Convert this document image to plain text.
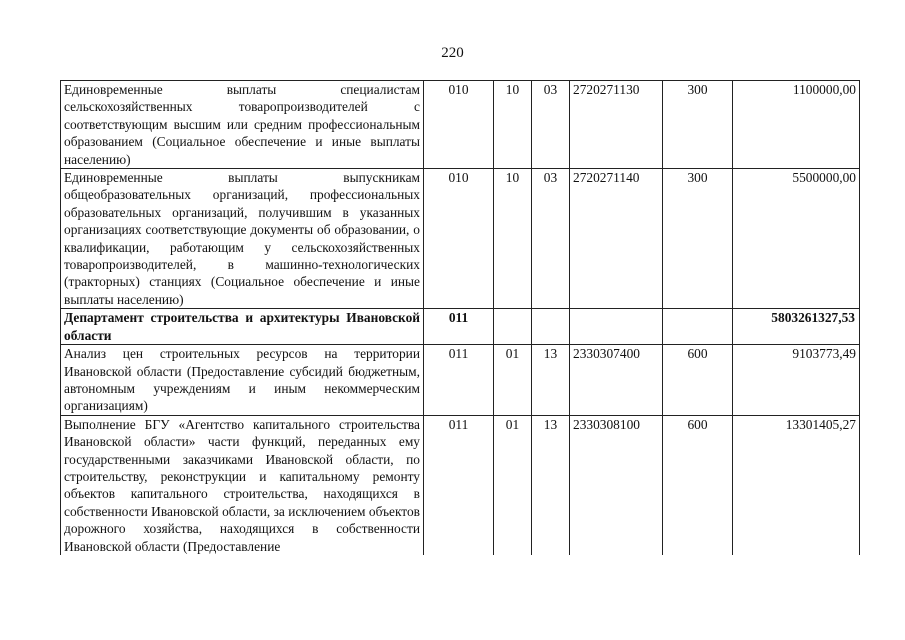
220
Единовременные выплаты специалистам сельскохозяйственных товаропроизводителей с соответствующим высшим или средним профессиональным образованием (Социальное обеспечение и иные выплаты населению)	010	10	03	2720271130	300	1100000,00
Единовременные выплаты выпускникам общеобразовательных организаций, профессиональных образовательных организаций, получившим в указанных организациях соответствующие документы об образовании, о квалификации, работающим у сельскохозяйственных товаропроизводителей, в машинно-технологических (тракторных) станциях (Социальное обеспечение и иные выплаты населению)	010	10	03	2720271140	300	5500000,00
Департамент строительства и архитектуры Ивановской области	011					5803261327,53
Анализ цен строительных ресурсов на территории Ивановской области (Предоставление субсидий бюджетным, автономным учреждениям и иным некоммерческим организациям)	011	01	13	2330307400	600	9103773,49
Выполнение БГУ «Агентство капитального строительства Ивановской области» части функций, переданных ему государственными заказчиками Ивановской области, по строительству, реконструкции и капитальному ремонту объектов капитального строительства, находящихся в собственности Ивановской области, за исключением объектов дорожного хозяйства, находящихся в собственности Ивановской области (Предоставление	011	01	13	2330308100	600	13301405,27
